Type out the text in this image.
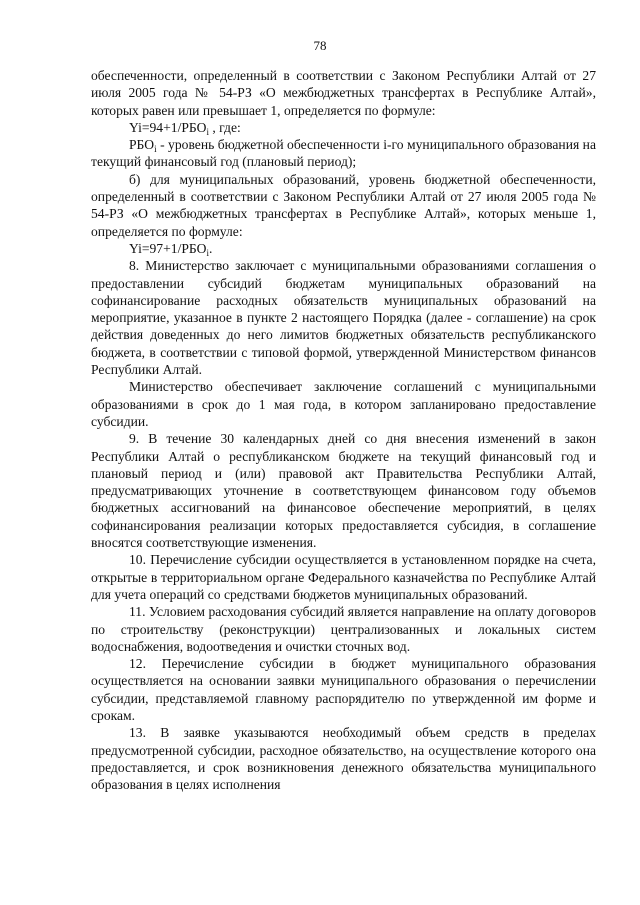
78

обеспеченности, определенный в соответствии с Законом Республики Алтай от 27 июля 2005 года № 54-РЗ «О межбюджетных трансфертах в Республике Алтай», которых равен или превышает 1, определяется по формуле:

$Yi=94+1/РБО_i$ , где:

$РБО_i$ - уровень бюджетной обеспеченности i-го муниципального образования на текущий финансовый год (плановый период);

б) для муниципальных образований, уровень бюджетной обеспеченности, определенный в соответствии с Законом Республики Алтай от 27 июля 2005 года № 54-РЗ «О межбюджетных трансфертах в Республике Алтай», которых меньше 1, определяется по формуле:

$Yi=97+1/РБО_i$.

8. Министерство заключает с муниципальными образованиями соглашения о предоставлении субсидий бюджетам муниципальных образований на софинансирование расходных обязательств муниципальных образований на мероприятие, указанное в пункте 2 настоящего Порядка (далее - соглашение) на срок действия доведенных до него лимитов бюджетных обязательств республиканского бюджета, в соответствии с типовой формой, утвержденной Министерством финансов Республики Алтай.

Министерство обеспечивает заключение соглашений с муниципальными образованиями в срок до 1 мая года, в котором запланировано предоставление субсидии.

9. В течение 30 календарных дней со дня внесения изменений в закон Республики Алтай о республиканском бюджете на текущий финансовый год и плановый период и (или) правовой акт Правительства Республики Алтай, предусматривающих уточнение в соответствующем финансовом году объемов бюджетных ассигнований на финансовое обеспечение мероприятий, в целях софинансирования реализации которых предоставляется субсидия, в соглашение вносятся соответствующие изменения.

10. Перечисление субсидии осуществляется в установленном порядке на счета, открытые в территориальном органе Федерального казначейства по Республике Алтай для учета операций со средствами бюджетов муниципальных образований.

11. Условием расходования субсидий является направление на оплату договоров по строительству (реконструкции) централизованных и локальных систем водоснабжения, водоотведения и очистки сточных вод.

12. Перечисление субсидии в бюджет муниципального образования осуществляется на основании заявки муниципального образования о перечислении субсидии, представляемой главному распорядителю по утвержденной им форме и срокам.

13. В заявке указываются необходимый объем средств в пределах предусмотренной субсидии, расходное обязательство, на осуществление которого она предоставляется, и срок возникновения денежного обязательства муниципального образования в целях исполнения
